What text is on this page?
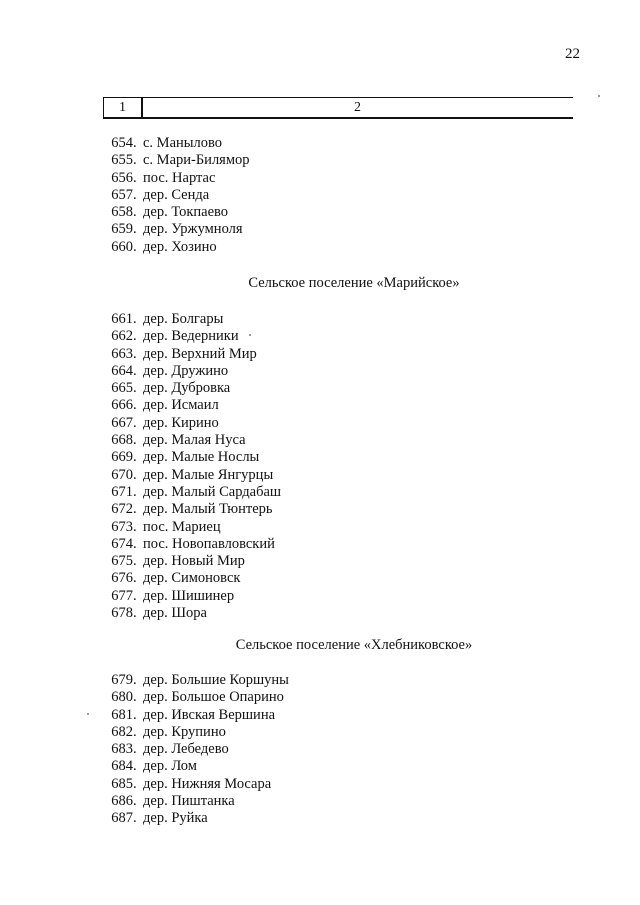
22
1	2
654 . с. Манылово
655 . с. Мари-Билямор
656 . пос. Нартас
657 . дер. Сенда
658 . дер. Токпаево
659 . дер. Уржумноля
660 . дер. Хозино
Сельское поселение «Марийское»
661 . дер. Болгары
662 . дер. Ведерники
663 . дер. Верхний Мир
664 . дер. Дружино
665 . дер. Дубровка
666 . дер. Исмаил
667 . дер. Кирино
668 . дер. Малая Нуса
669 . дер. Малые Нослы
670 . дер. Малые Янгурцы
671 . дер. Малый Сардабаш
672 . дер. Малый Тюнтерь
673 . пос. Мариец
674 . пос. Новопавловский
675 . дер. Новый Мир
676 . дер. Симоновск
677 . дер. Шишинер
678 . дер. Шора
Сельское поселение «Хлебниковское»
679 . дер. Большие Коршуны
680 . дер. Большое Опарино
681 . дер. Ивская Вершина
682 . дер. Крупино
683 . дер. Лебедево
684 . дер. Лом
685 . дер. Нижняя Мосара
686 . дер. Пиштанка
687 . дер. Руйка
